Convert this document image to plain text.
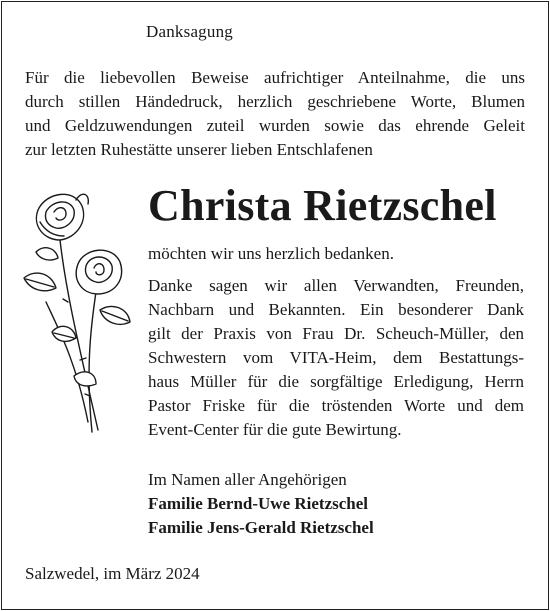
Danksagung
Für die liebevollen Beweise aufrichtiger Anteilnahme, die uns
durch stillen Händedruck, herzlich geschriebene Worte, Blumen
und Geldzuwendungen zuteil wurden sowie das ehrende Geleit
zur letzten Ruhestätte unserer lieben Entschlafenen
Christa Rietzschel
möchten wir uns herzlich bedanken.
Danke sagen wir allen Verwandten, Freunden,
Nachbarn und Bekannten. Ein besonderer Dank
gilt der Praxis von Frau Dr. Scheuch-Müller, den
Schwestern vom VITA-Heim, dem Bestattungs-
haus Müller für die sorgfältige Erledigung, Herrn
Pastor Friske für die tröstenden Worte und dem
Event-Center für die gute Bewirtung.
Im Namen aller Angehörigen
Familie Bernd-Uwe Rietzschel
Familie Jens-Gerald Rietzschel
Salzwedel, im März 2024
